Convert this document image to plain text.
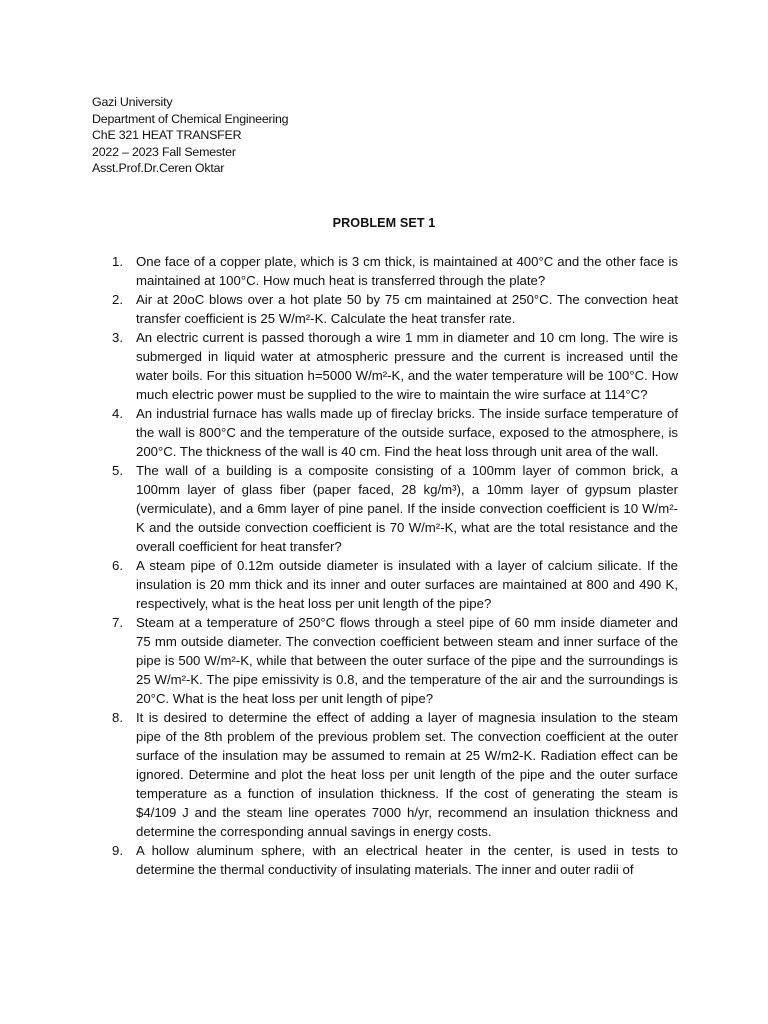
Gazi University
Department of Chemical Engineering
ChE 321 HEAT TRANSFER
2022 – 2023 Fall Semester
Asst.Prof.Dr.Ceren Oktar
PROBLEM SET 1
1. One face of a copper plate, which is 3 cm thick, is maintained at 400°C and the other face is maintained at 100°C. How much heat is transferred through the plate?
2. Air at 20oC blows over a hot plate 50 by 75 cm maintained at 250°C. The convection heat transfer coefficient is 25 W/m²-K. Calculate the heat transfer rate.
3. An electric current is passed thorough a wire 1 mm in diameter and 10 cm long. The wire is submerged in liquid water at atmospheric pressure and the current is increased until the water boils. For this situation h=5000 W/m²-K, and the water temperature will be 100°C. How much electric power must be supplied to the wire to maintain the wire surface at 114°C?
4. An industrial furnace has walls made up of fireclay bricks. The inside surface temperature of the wall is 800°C and the temperature of the outside surface, exposed to the atmosphere, is 200°C. The thickness of the wall is 40 cm. Find the heat loss through unit area of the wall.
5. The wall of a building is a composite consisting of a 100mm layer of common brick, a 100mm layer of glass fiber (paper faced, 28 kg/m³), a 10mm layer of gypsum plaster (vermiculate), and a 6mm layer of pine panel. If the inside convection coefficient is 10 W/m²-K and the outside convection coefficient is 70 W/m²-K, what are the total resistance and the overall coefficient for heat transfer?
6. A steam pipe of 0.12m outside diameter is insulated with a layer of calcium silicate. If the insulation is 20 mm thick and its inner and outer surfaces are maintained at 800 and 490 K, respectively, what is the heat loss per unit length of the pipe?
7. Steam at a temperature of 250°C flows through a steel pipe of 60 mm inside diameter and 75 mm outside diameter. The convection coefficient between steam and inner surface of the pipe is 500 W/m²-K, while that between the outer surface of the pipe and the surroundings is 25 W/m²-K. The pipe emissivity is 0.8, and the temperature of the air and the surroundings is 20°C. What is the heat loss per unit length of pipe?
8. It is desired to determine the effect of adding a layer of magnesia insulation to the steam pipe of the 8th problem of the previous problem set. The convection coefficient at the outer surface of the insulation may be assumed to remain at 25 W/m2-K. Radiation effect can be ignored. Determine and plot the heat loss per unit length of the pipe and the outer surface temperature as a function of insulation thickness. If the cost of generating the steam is $4/109 J and the steam line operates 7000 h/yr, recommend an insulation thickness and determine the corresponding annual savings in energy costs.
9. A hollow aluminum sphere, with an electrical heater in the center, is used in tests to determine the thermal conductivity of insulating materials. The inner and outer radii of
